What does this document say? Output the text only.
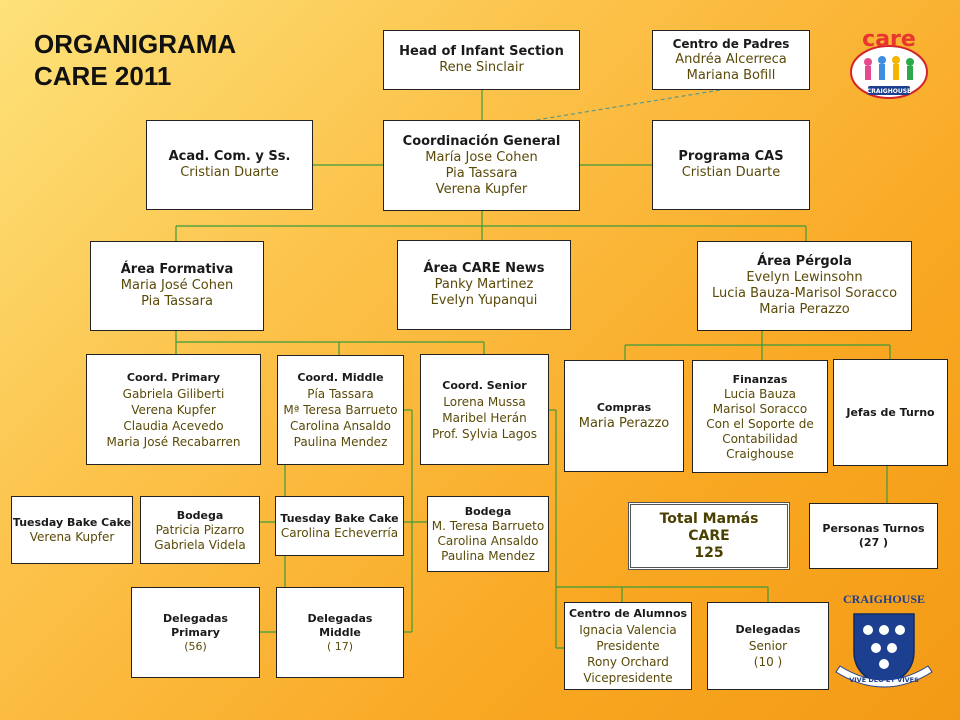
ORGANIGRAMA
CARE 2011
Head of Infant Section
Rene Sinclair
Centro de Padres
Andréa Alcerreca
Mariana Bofill
Acad. Com. y Ss.
Cristian Duarte
Coordinación General
María Jose Cohen
Pia Tassara
Verena Kupfer
Programa CAS
Cristian Duarte
Área Formativa
Maria José Cohen
Pia Tassara
Área CARE News
Panky Martinez
Evelyn Yupanqui
Área Pérgola
Evelyn Lewinsohn
Lucia Bauza-Marisol Soracco
Maria Perazzo
Coord. Primary
Gabriela Giliberti
Verena Kupfer
Claudia Acevedo
Maria José Recabarren
Coord. Middle
Pía Tassara
Mª Teresa Barrueto
Carolina Ansaldo
Paulina Mendez
Coord. Senior
Lorena Mussa
Maribel Herán
Prof. Sylvia Lagos
Compras
Maria Perazzo
Finanzas
Lucia Bauza
Marisol Soracco
Con el Soporte de
Contabilidad
Craighouse
Jefas de Turno
Tuesday Bake Cake
Verena Kupfer
Bodega
Patricia Pizarro
Gabriela Videla
Tuesday Bake Cake
Carolina Echeverría
Bodega
M. Teresa Barrueto
Carolina Ansaldo
Paulina Mendez
Total Mamás
CARE
125
Personas Turnos
(27 )
Delegadas
Primary
(56)
Delegadas
Middle
( 17)
Centro de Alumnos
Ignacia Valencia
Presidente
Rony Orchard
Vicepresidente
Delegadas
Senior
(10 )
care
CRAIGHOUSE
CRAIGHOUSE
VIVE DEO ET VIVES
